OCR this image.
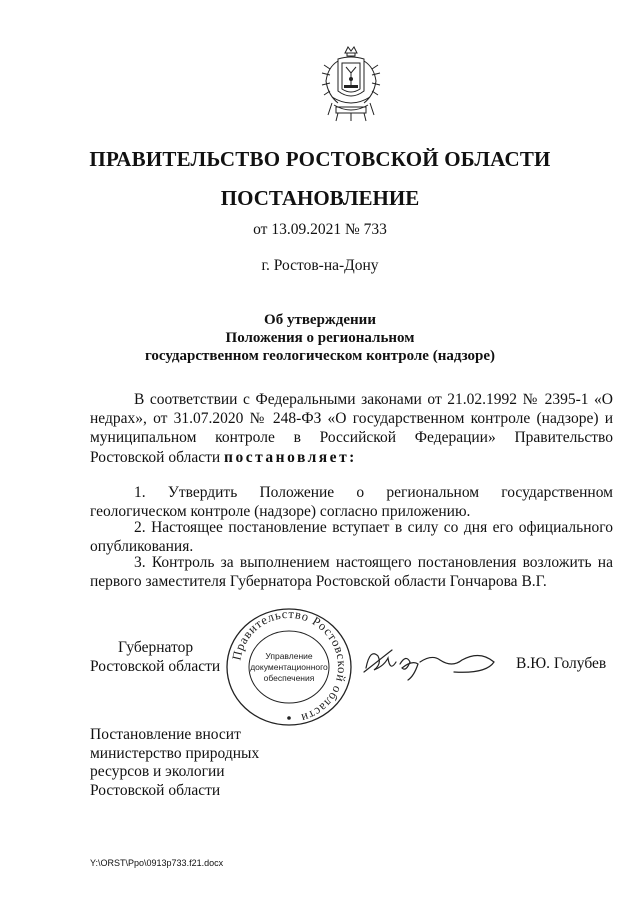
ПРАВИТЕЛЬСТВО РОСТОВСКОЙ ОБЛАСТИ
ПОСТАНОВЛЕНИЕ
от 13.09.2021 № 733
г. Ростов-на-Дону
Об утверждении
Положения о региональном
государственном геологическом контроле (надзоре)
В соответствии с Федеральными законами от 21.02.1992 № 2395-1 «О недрах», от 31.07.2020 № 248-ФЗ «О государственном контроле (надзоре) и муниципальном контроле в Российской Федерации» Правительство Ростовской области постановляет:
1. Утвердить Положение о региональном государственном геологическом контроле (надзоре) согласно приложению.
2. Настоящее постановление вступает в силу со дня его официального опубликования.
3. Контроль за выполнением настоящего постановления возложить на первого заместителя Губернатора Ростовской области Гончарова В.Г.
Губернатор
Ростовской области
Правительство Ростовской области
Управление
документационного
обеспечения
В.Ю. Голубев
Постановление вносит
министерство природных
ресурсов и экологии
Ростовской области
Y:\ORST\Ppo\0913p733.f21.docx
